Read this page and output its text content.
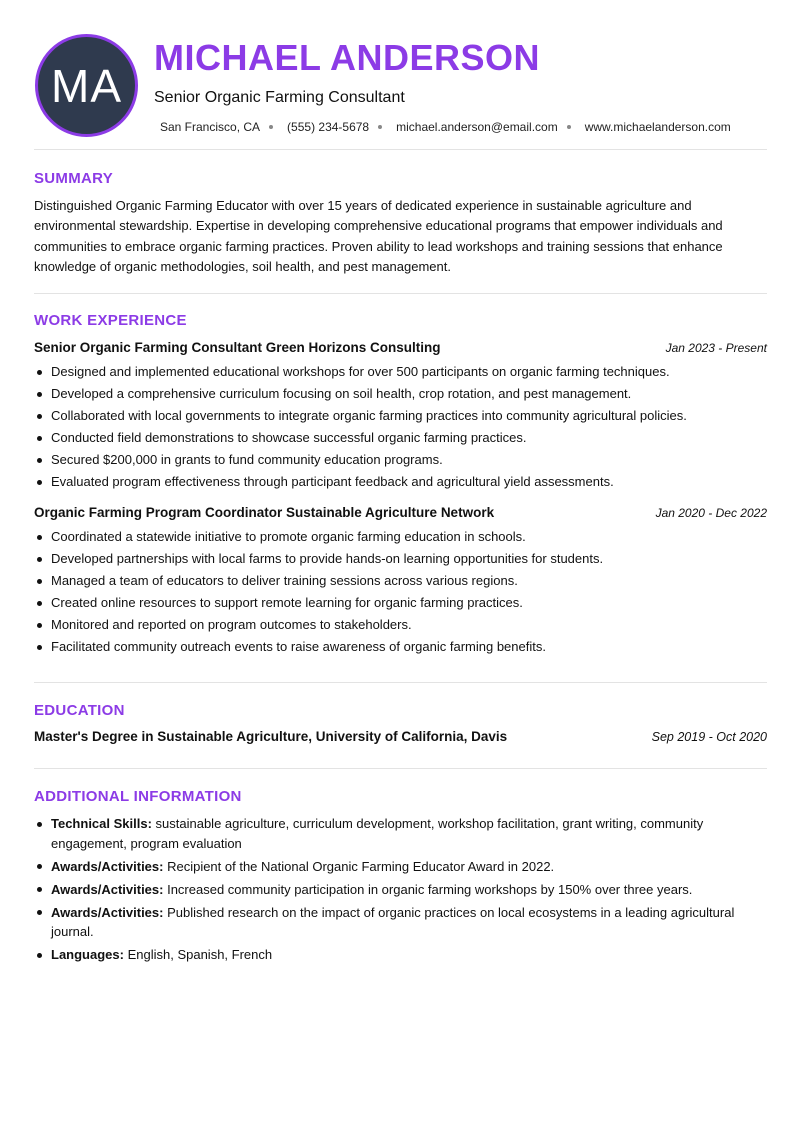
MA
MICHAEL ANDERSON
Senior Organic Farming Consultant
San Francisco, CA (555) 234-5678 michael.anderson@email.com www.michaelanderson.com
SUMMARY

Distinguished Organic Farming Educator with over 15 years of dedicated experience in sustainable agriculture and environmental stewardship. Expertise in developing comprehensive educational programs that empower individuals and communities to embrace organic farming practices. Proven ability to lead workshops and training sessions that enhance knowledge of organic methodologies, soil health, and pest management.

WORK EXPERIENCE
Senior Organic Farming Consultant Green Horizons Consulting	Jan 2023 - Present
Designed and implemented educational workshops for over 500 participants on organic farming techniques.
Developed a comprehensive curriculum focusing on soil health, crop rotation, and pest management.
Collaborated with local governments to integrate organic farming practices into community agricultural policies.
Conducted field demonstrations to showcase successful organic farming practices.
Secured $200,000 in grants to fund community education programs.
Evaluated program effectiveness through participant feedback and agricultural yield assessments.
Organic Farming Program Coordinator Sustainable Agriculture Network	Jan 2020 - Dec 2022
Coordinated a statewide initiative to promote organic farming education in schools.
Developed partnerships with local farms to provide hands-on learning opportunities for students.
Managed a team of educators to deliver training sessions across various regions.
Created online resources to support remote learning for organic farming practices.
Monitored and reported on program outcomes to stakeholders.
Facilitated community outreach events to raise awareness of organic farming benefits.
EDUCATION
Master's Degree in Sustainable Agriculture, University of California, Davis	Sep 2019 - Oct 2020
ADDITIONAL INFORMATION
Technical Skills: sustainable agriculture, curriculum development, workshop facilitation, grant writing, community engagement, program evaluation
Awards/Activities: Recipient of the National Organic Farming Educator Award in 2022.
Awards/Activities: Increased community participation in organic farming workshops by 150% over three years.
Awards/Activities: Published research on the impact of organic practices on local ecosystems in a leading agricultural journal.
Languages: English, Spanish, French
